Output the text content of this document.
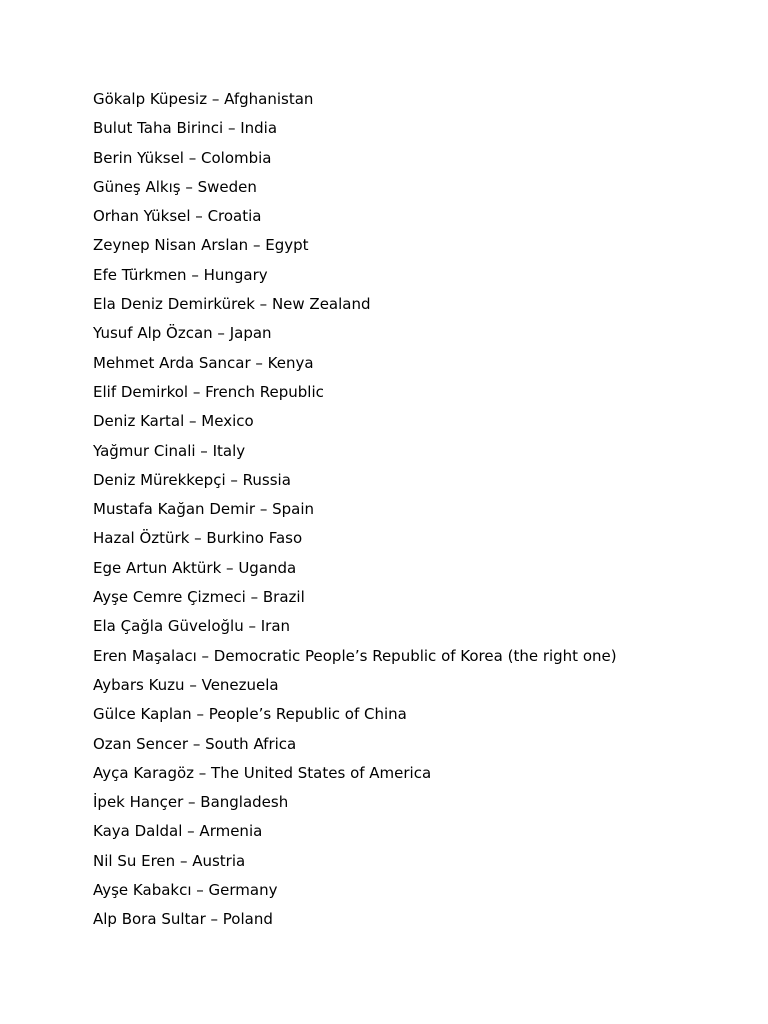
Gökalp Küpesiz – Afghanistan
Bulut Taha Birinci – India
Berin Yüksel – Colombia
Güneş Alkış – Sweden
Orhan Yüksel – Croatia
Zeynep Nisan Arslan – Egypt
Efe Türkmen – Hungary
Ela Deniz Demirkürek – New Zealand
Yusuf Alp Özcan – Japan
Mehmet Arda Sancar – Kenya
Elif Demirkol – French Republic
Deniz Kartal – Mexico
Yağmur Cinali – Italy
Deniz Mürekkepçi – Russia
Mustafa Kağan Demir – Spain
Hazal Öztürk – Burkino Faso
Ege Artun Aktürk – Uganda
Ayşe Cemre Çizmeci – Brazil
Ela Çağla Güveloğlu – Iran
Eren Maşalacı – Democratic People’s Republic of Korea (the right one)
Aybars Kuzu – Venezuela
Gülce Kaplan – People’s Republic of China
Ozan Sencer – South Africa
Ayça Karagöz – The United States of America
İpek Hançer – Bangladesh
Kaya Daldal – Armenia
Nil Su Eren – Austria
Ayşe Kabakcı – Germany
Alp Bora Sultar – Poland
